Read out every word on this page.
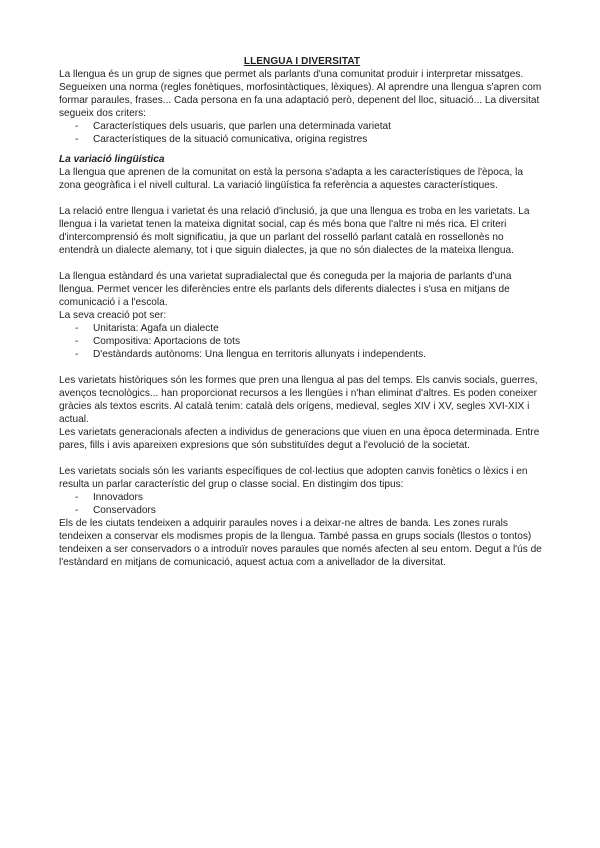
LLENGUA I DIVERSITAT

La llengua és un grup de signes que permet als parlants d'una comunitat produir i interpretar missatges. Segueixen una norma (regles fonètiques, morfosintàctiques, lèxiques). Al aprendre una llengua s'apren com formar paraules, frases... Cada persona en fa una adaptació però, depenent del lloc, situació... La diversitat segueix dos criters:

- Característiques dels usuaris, que parlen una determinada varietat
- Característiques de la situació comunicativa, origina registres

La variació lingüística

La llengua que aprenen de la comunitat on està la persona s'adapta a les característiques de l'època, la zona geogràfica i el nivell cultural. La variació lingüística fa referència a aquestes característiques.

La relació entre llengua i varietat és una relació d'inclusió, ja que una llengua es troba en les varietats. La llengua i la varietat tenen la mateixa dignitat social, cap és més bona que l'altre ni més rica. El criteri d'intercomprensió és molt significatiu, ja que un parlant del rosselló parlant català en rossellonès no entendrà un dialecte alemany, tot i que siguin dialectes, ja que no són dialectes de la mateixa llengua.

La llengua estàndard és una varietat supradialectal que és coneguda per la majoria de parlants d'una llengua. Permet vencer les diferències entre els parlants dels diferents dialectes i s'usa en mitjans de comunicació i a l'escola.

La seva creació pot ser:

- Unitarista: Agafa un dialecte
- Compositiva: Aportacions de tots
- D'estàndards autònoms: Una llengua en territoris allunyats i independents.

Les varietats històriques són les formes que pren una llengua al pas del temps. Els canvis socials, guerres, avenços tecnològics... han proporcionat recursos a les llengües i n'han eliminat d'altres. Es poden coneixer gràcies als textos escrits. Al català tenim: català dels orígens, medieval, segles XIV i XV, segles XVI-XIX i actual.

Les varietats generacionals afecten a individus de generacions que viuen en una època determinada. Entre pares, fills i avis apareixen expresions que són substituïdes degut a l'evolució de la societat.

Les varietats socials són les variants específiques de col·lectius que adopten canvis fonètics o lèxics i en resulta un parlar característic del grup o classe social. En distingim dos tipus:

- Innovadors
- Conservadors

Els de les ciutats tendeixen a adquirir paraules noves i a deixar-ne altres de banda. Les zones rurals tendeixen a conservar els modismes propis de la llengua. També passa en grups socials (llestos o tontos) tendeixen a ser conservadors o a introduïr noves paraules que només afecten al seu entorn. Degut a l'ús de l'estàndard en mitjans de comunicació, aquest actua com a anivellador de la diversitat.
